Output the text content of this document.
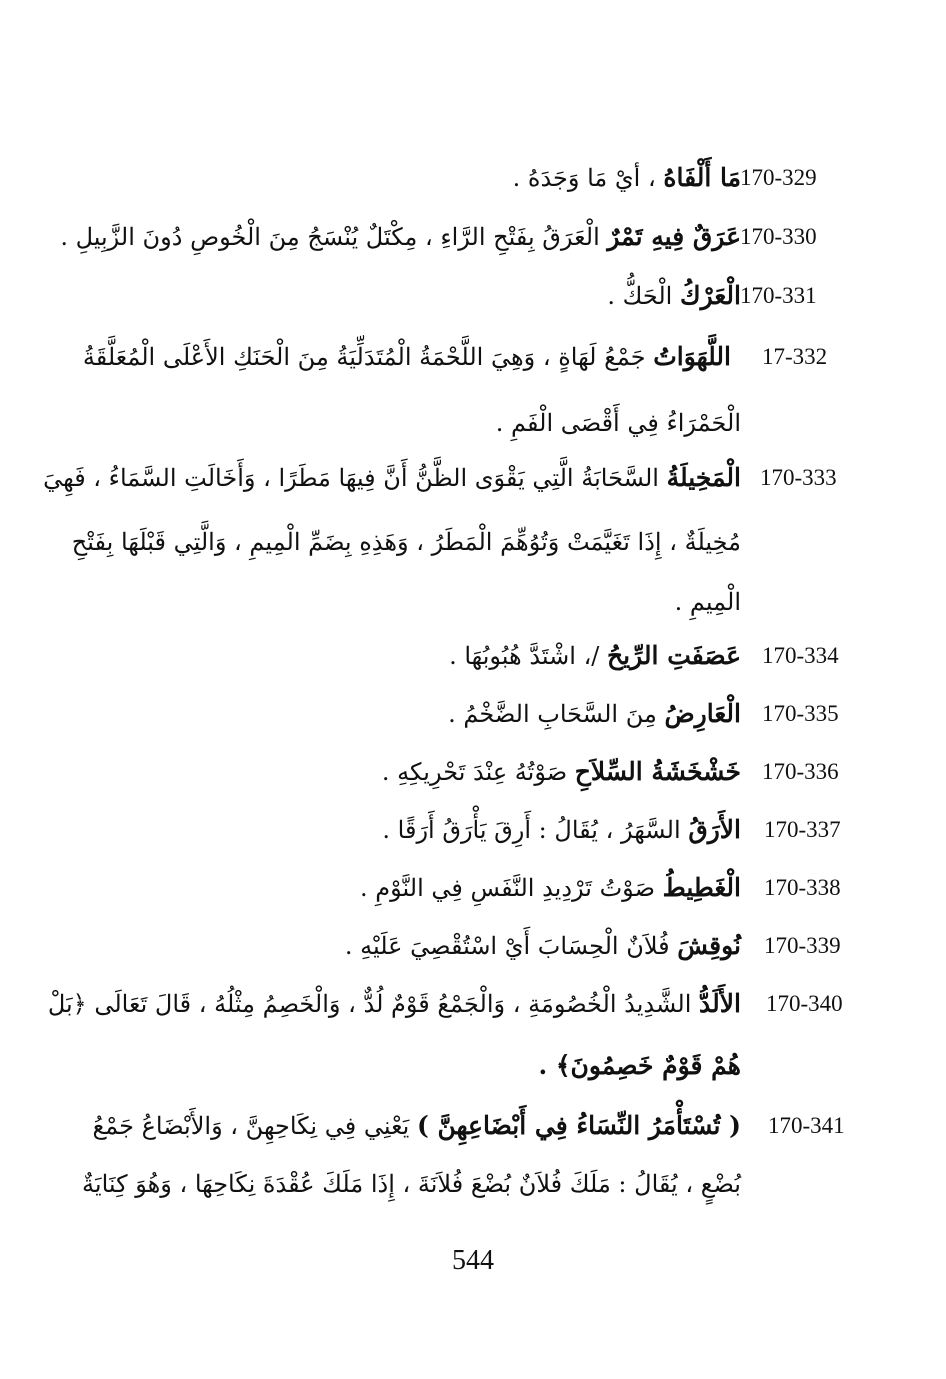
170-329
مَا أَلْفَاهُ ، أيْ مَا وَجَدَهُ .
170-330
عَرَقٌ فِيهِ تَمْرٌ الْعَرَقُ بِفَتْحِ الرَّاءِ ، مِكْتَلٌ يُنْسَجُ مِنَ الْخُوصِ دُونَ الزَّبِيلِ .
170-331
الْعَرْكُ الْحَكُّ .
17-332
اللَّهَوَاتُ جَمْعُ لَهَاةٍ ، وَهِيَ اللَّحْمَةُ الْمُتَدَلِّيَةُ مِنَ الْحَنَكِ الأَعْلَى الْمُعَلَّقَةُ
الْحَمْرَاءُ فِي أَقْصَى الْفَمِ .
170-333
الْمَخِيلَةُ السَّحَابَةُ الَّتِي يَقْوَى الظَّنُّ أَنَّ فِيهَا مَطَرًا ، وَأَخَالَتِ السَّمَاءُ ، فَهِيَ
مُخِيلَةٌ ، إِذَا تَغَيَّمَتْ وَتُوُهِّمَ الْمَطَرُ ، وَهَذِهِ بِضَمِّ الْمِيمِ ، وَالَّتِي قَبْلَهَا بِفَتْحِ
الْمِيمِ .
170-334
عَصَفَتِ الرِّيحُ /، اشْتَدَّ هُبُوبُهَا .
170-335
الْعَارِضُ مِنَ السَّحَابِ الضَّخْمُ .
170-336
خَشْخَشَةُ السِّلاَحِ صَوْتُهُ عِنْدَ تَحْرِيكِهِ .
170-337
الأَرَقُ السَّهَرُ ، يُقَالُ : أَرِقَ يَأْرَقُ أَرَقًا .
170-338
الْغَطِيطُ صَوْتُ تَرْدِيدِ النَّفَسِ فِي النَّوْمِ .
170-339
نُوقِشَ فُلاَنٌ الْحِسَابَ أَيْ اسْتُقْصِيَ عَلَيْهِ .
170-340
الأَلَدُّ الشَّدِيدُ الْخُصُومَةِ ، وَالْجَمْعُ قَوْمٌ لُدٌّ ، وَالْخَصِمُ مِثْلُهُ ، قَالَ تَعَالَى ﴿بَلْ
هُمْ قَوْمٌ خَصِمُونَ﴾ .
170-341
( تُسْتَأْمَرُ النِّسَاءُ فِي أَبْضَاعِهِنَّ ) يَعْنِي فِي نِكَاحِهِنَّ ، وَالأَبْضَاعُ جَمْعُ
بُضْعٍ ، يُقَالُ : مَلَكَ فُلاَنٌ بُضْعَ فُلاَنَةَ ، إِذَا مَلَكَ عُقْدَةَ نِكَاحِهَا ، وَهُوَ كِنَايَةٌ
544
